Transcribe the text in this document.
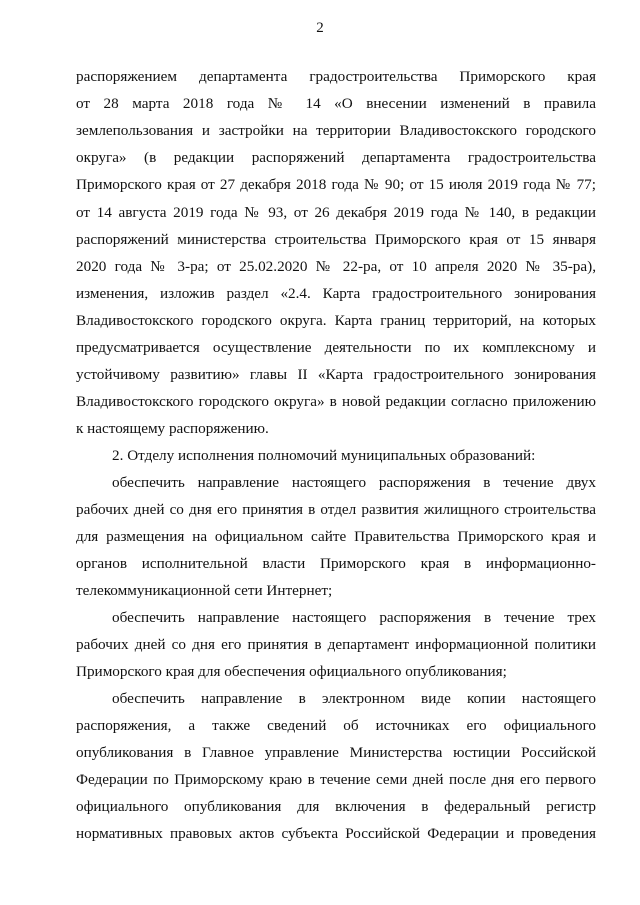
2
распоряжением департамента градостроительства Приморского края
от 28 марта 2018 года № 14 «О внесении изменений в правила
землепользования и застройки на территории Владивостокского городского
округа» (в редакции распоряжений департамента градостроительства
Приморского края от 27 декабря 2018 года № 90; от 15 июля 2019 года № 77;
от 14 августа 2019 года № 93, от 26 декабря 2019 года № 140, в редакции
распоряжений министерства строительства Приморского края от 15 января
2020 года № 3-ра; от 25.02.2020 № 22-ра, от 10 апреля 2020 № 35-ра),
изменения, изложив раздел «2.4. Карта градостроительного зонирования
Владивостокского городского округа. Карта границ территорий, на которых
предусматривается осуществление деятельности по их комплексному и
устойчивому развитию» главы II «Карта градостроительного зонирования
Владивостокского городского округа» в новой редакции согласно приложению
к настоящему распоряжению.
2. Отделу исполнения полномочий муниципальных образований:
обеспечить направление настоящего распоряжения в течение двух
рабочих дней со дня его принятия в отдел развития жилищного строительства
для размещения на официальном сайте Правительства Приморского края и
органов исполнительной власти Приморского края в информационно-
телекоммуникационной сети Интернет;
обеспечить направление настоящего распоряжения в течение трех
рабочих дней со дня его принятия в департамент информационной политики
Приморского края для обеспечения официального опубликования;
обеспечить направление в электронном виде копии настоящего
распоряжения, а также сведений об источниках его официального
опубликования в Главное управление Министерства юстиции Российской
Федерации по Приморскому краю в течение семи дней после дня его первого
официального опубликования для включения в федеральный регистр
нормативных правовых актов субъекта Российской Федерации и проведения
